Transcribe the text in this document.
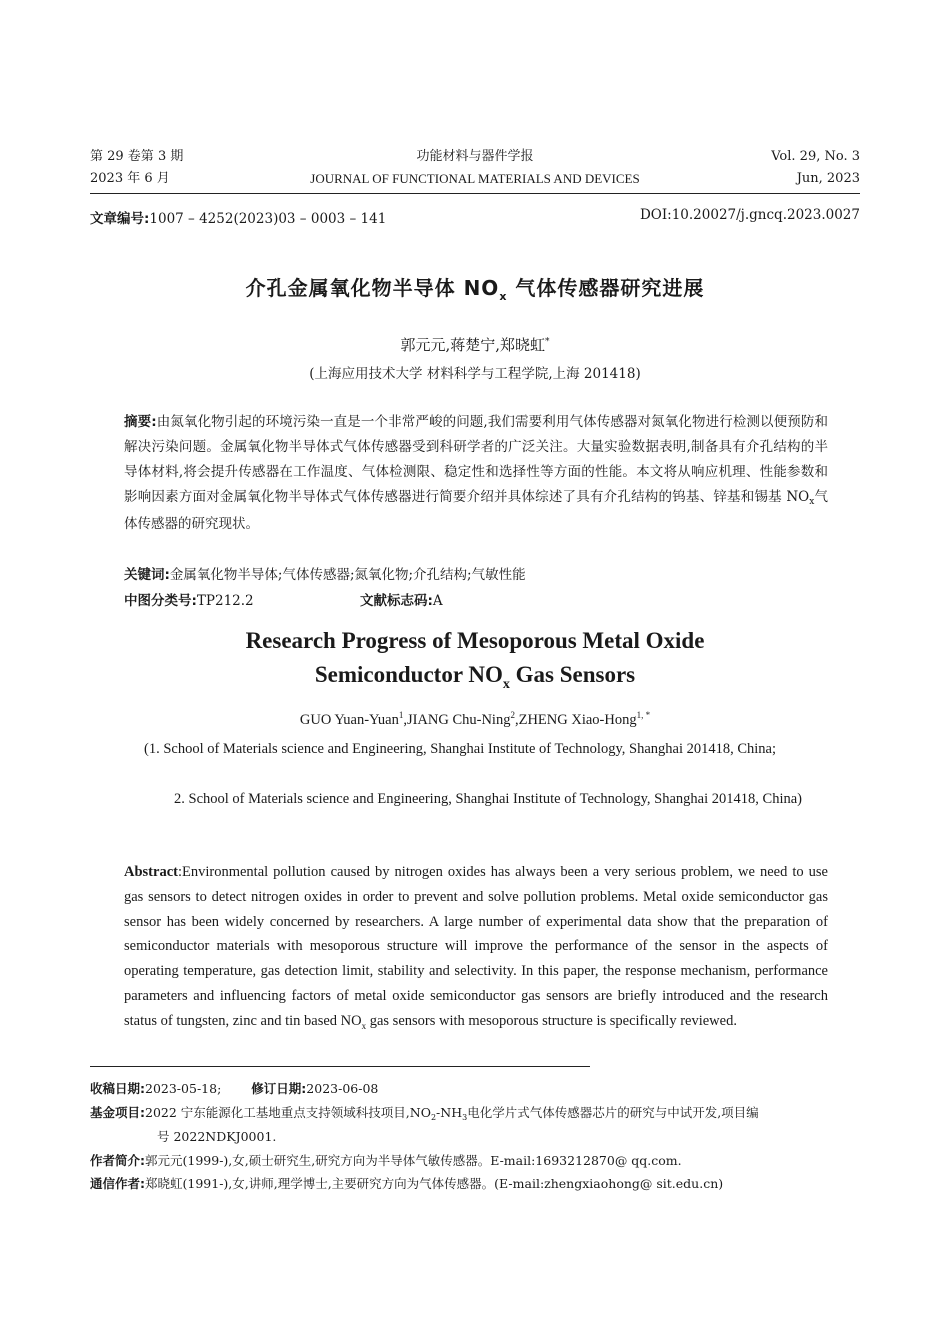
第 29 卷第 3 期	功能材料与器件学报	Vol. 29, No. 3
2023 年 6 月	JOURNAL OF FUNCTIONAL MATERIALS AND DEVICES	Jun, 2023
文章编号:1007 – 4252(2023)03 – 0003 – 141	DOI:10.20027/j.gncq.2023.0027
介孔金属氧化物半导体 $NO_x$ 气体传感器研究进展
郭元元,蒋楚宁,郑晓虹*
(上海应用技术大学 材料科学与工程学院,上海 201418)
摘要:由氮氧化物引起的环境污染一直是一个非常严峻的问题,我们需要利用气体传感器对氮氧化物进行检测以便预防和解决污染问题。金属氧化物半导体式气体传感器受到科研学者的广泛关注。大量实验数据表明,制备具有介孔结构的半导体材料,将会提升传感器在工作温度、气体检测限、稳定性和选择性等方面的性能。本文将从响应机理、性能参数和影响因素方面对金属氧化物半导体式气体传感器进行简要介绍并具体综述了具有介孔结构的钨基、锌基和锡基 $NO_x$气体传感器的研究现状。
关键词:金属氧化物半导体;气体传感器;氮氧化物;介孔结构;气敏性能
中图分类号:TP212.2	文献标志码:A
Research Progress of Mesoporous Metal Oxide
Semiconductor $NO_x$ Gas Sensors
GUO Yuan-Yuan$^1$,JIANG Chu-Ning$^2$,ZHENG Xiao-Hong$^{1, *}$
(1. School of Materials science and Engineering, Shanghai Institute of Technology, Shanghai 201418, China;
2. School of Materials science and Engineering, Shanghai Institute of Technology, Shanghai 201418, China)
Abstract:Environmental pollution caused by nitrogen oxides has always been a very serious problem, we need to use gas sensors to detect nitrogen oxides in order to prevent and solve pollution problems. Metal oxide semiconductor gas sensor has been widely concerned by researchers. A large number of experimental data show that the preparation of semiconductor materials with mesoporous structure will improve the performance of the sensor in the aspects of operating temperature, gas detection limit, stability and selectivity. In this paper, the response mechanism, performance parameters and influencing factors of metal oxide semiconductor gas sensors are briefly introduced and the research status of tungsten, zinc and tin based $NO_x$ gas sensors with mesoporous structure is specifically reviewed.
收稿日期:2023-05-18; 修订日期:2023-06-08
基金项目:2022 宁东能源化工基地重点支持领域科技项目$,NO_2-NH_3$电化学片式气体传感器芯片的研究与中试开发,项目编
号 2022NDKJ0001.
作者简介:郭元元(1999-),女,硕士研究生,研究方向为半导体气敏传感器。E-mail:1693212870@ qq.com.
通信作者:郑晓虹(1991-),女,讲师,理学博士,主要研究方向为气体传感器。(E-mail:zhengxiaohong@ sit.edu.cn)
